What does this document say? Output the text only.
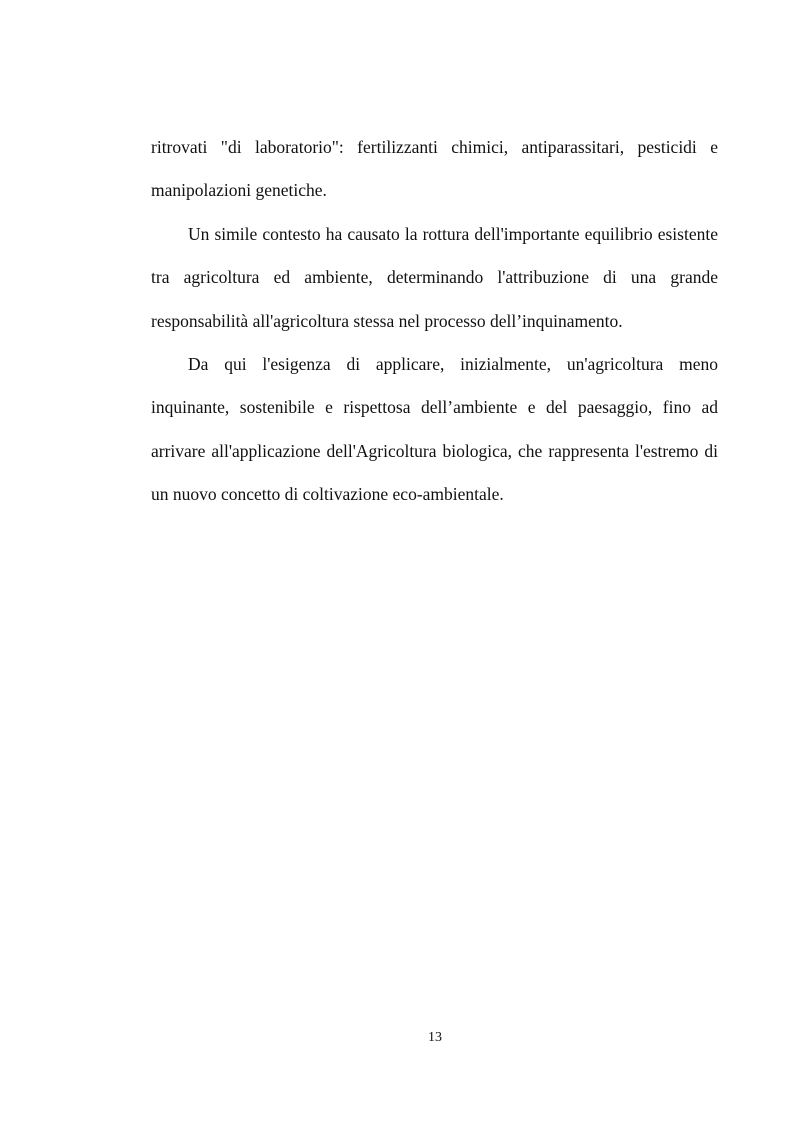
ritrovati "di laboratorio": fertilizzanti chimici, antiparassitari, pesticidi e manipolazioni genetiche.

Un simile contesto ha causato la rottura dell'importante equilibrio esistente tra agricoltura ed ambiente, determinando l'attribuzione di una grande responsabilità all'agricoltura stessa nel processo dell’inquinamento.

Da qui l'esigenza di applicare, inizialmente, un'agricoltura meno inquinante, sostenibile e rispettosa dell’ambiente e del paesaggio, fino ad arrivare all'applicazione dell'Agricoltura biologica, che rappresenta l'estremo di un nuovo concetto di coltivazione eco-ambientale.

13
